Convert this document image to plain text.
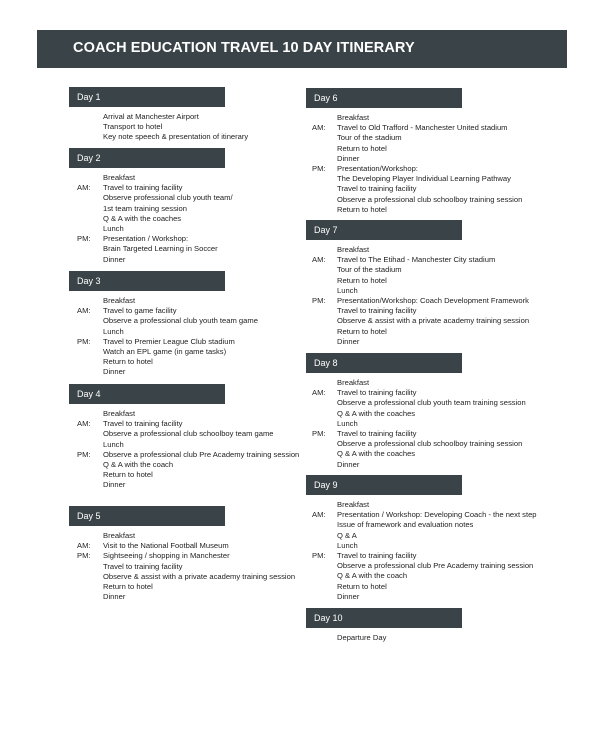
COACH EDUCATION TRAVEL 10 DAY ITINERARY
Day 1
Arrival at Manchester Airport
Transport to hotel
Key note speech & presentation of itinerary
Day 2
Breakfast
AM: Travel to training facility
Observe professional club youth team/
1st team training session
Q & A with the coaches
Lunch
PM: Presentation / Workshop:
Brain Targeted Learning in Soccer
Dinner
Day 3
Breakfast
AM: Travel to game facility
Observe a professional club youth team game
Lunch
PM: Travel to Premier League Club stadium
Watch an EPL game (in game tasks)
Return to hotel
Dinner
Day 4
Breakfast
AM: Travel to training facility
Observe a professional club schoolboy team game
Lunch
PM: Observe a professional club Pre Academy training session
Q & A with the coach
Return to hotel
Dinner
Day 5
Breakfast
AM: Visit to the National Football Museum
PM: Sightseeing / shopping in Manchester
Travel to training facility
Observe & assist with a private academy training session
Return to hotel
Dinner
Day 6
Breakfast
AM: Travel to Old Trafford - Manchester United stadium
Tour of the stadium
Return to hotel
Dinner
PM: Presentation/Workshop:
The Developing Player Individual Learning Pathway
Travel to training facility
Observe a professional club schoolboy training session
Return to hotel
Day 7
Breakfast
AM: Travel to The Etihad - Manchester City stadium
Tour of the stadium
Return to hotel
Lunch
PM: Presentation/Workshop: Coach Development Framework
Travel to training facility
Observe & assist with a private academy training session
Return to hotel
Dinner
Day 8
Breakfast
AM: Travel to training facility
Observe a professional club youth team training session
Q & A with the coaches
Lunch
PM: Travel to training facility
Observe a professional club schoolboy training session
Q & A with the coaches
Dinner
Day 9
Breakfast
AM: Presentation / Workshop: Developing Coach - the next step
Issue of framework and evaluation notes
Q & A
Lunch
PM: Travel to training facility
Observe a professional club Pre Academy training session
Q & A with the coach
Return to hotel
Dinner
Day 10
Departure Day
